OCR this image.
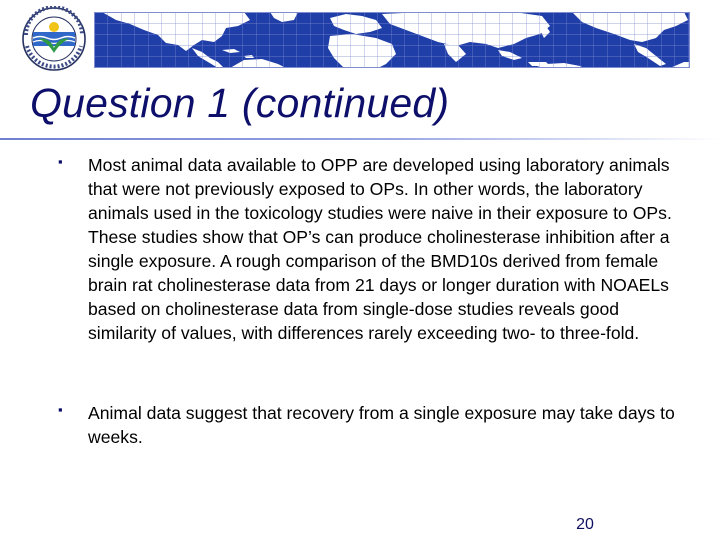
Question 1 (continued)
▪ Most animal data available to OPP are developed using laboratory animals that were not previously exposed to OPs. In other words, the laboratory animals used in the toxicology studies were naive in their exposure to OPs. These studies show that OP’s can produce cholinesterase inhibition after a single exposure. A rough comparison of the BMD10s derived from female brain rat cholinesterase data from 21 days or longer duration with NOAELs based on cholinesterase data from single-dose studies reveals good similarity of values, with differences rarely exceeding two- to three-fold.

▪ Animal data suggest that recovery from a single exposure may take days to weeks.

20
